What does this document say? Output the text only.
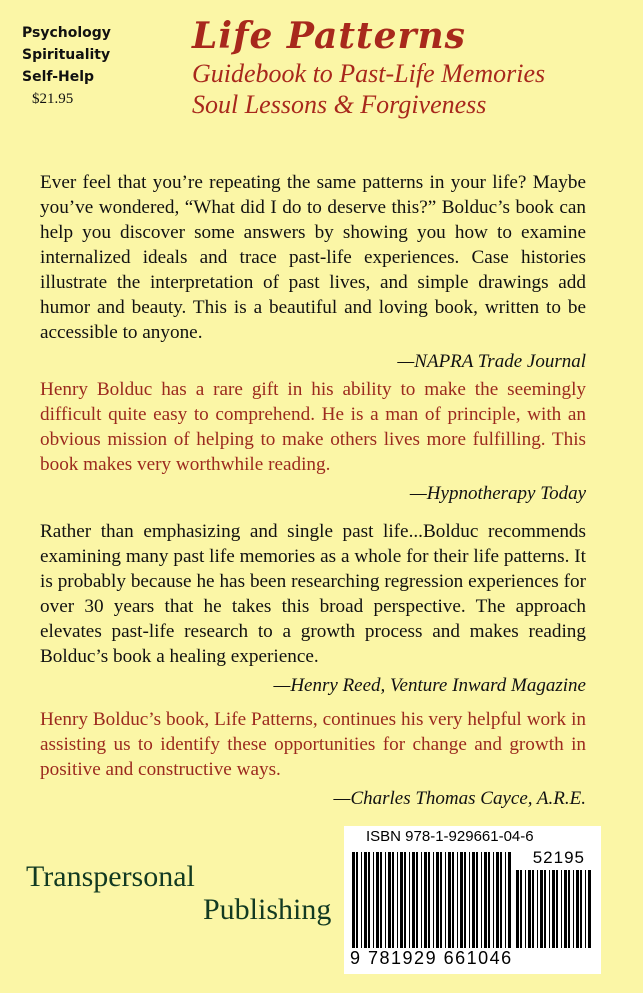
Psychology
Spirituality
Self-Help
$21.95
Life Patterns
Guidebook to Past-Life Memories
Soul Lessons & Forgiveness

Ever feel that you’re repeating the same patterns in your life? Maybe you’ve wondered, “What did I do to deserve this?” Bolduc’s book can help you discover some answers by showing you how to examine internalized ideals and trace past-life experiences. Case histories illustrate the interpretation of past lives, and simple drawings add humor and beauty. This is a beautiful and loving book, written to be accessible to anyone.

—NAPRA Trade Journal

Henry Bolduc has a rare gift in his ability to make the seemingly difficult quite easy to comprehend. He is a man of principle, with an obvious mission of helping to make others lives more fulfilling. This book makes very worthwhile reading.

—Hypnotherapy Today

Rather than emphasizing and single past life...Bolduc recommends examining many past life memories as a whole for their life patterns. It is probably because he has been researching regression experiences for over 30 years that he takes this broad perspective. The approach elevates past-life research to a growth process and makes reading Bolduc’s book a healing experience.

—Henry Reed, Venture Inward Magazine

Henry Bolduc’s book, Life Patterns, continues his very helpful work in assisting us to identify these opportunities for change and growth in positive and constructive ways.

—Charles Thomas Cayce, A.R.E.
Transpersonal
Publishing
ISBN 978-1-929661-04-6
52195
9 781929 661046
